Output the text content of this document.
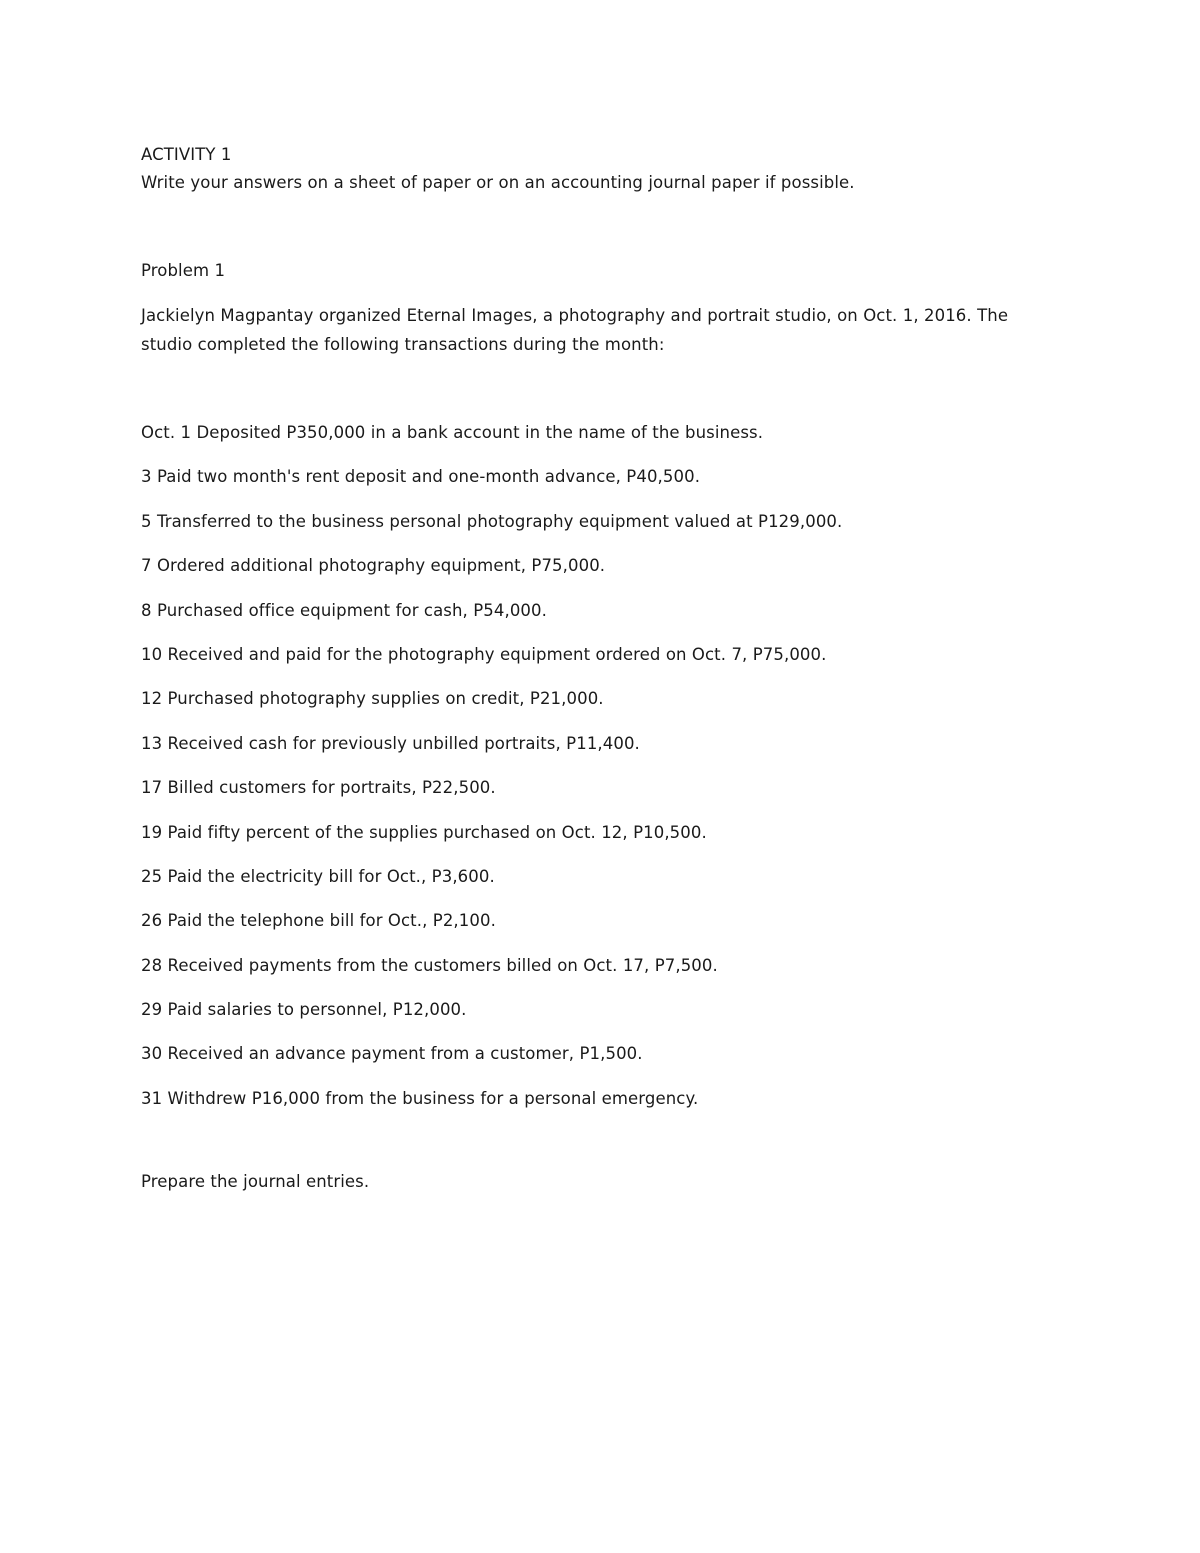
ACTIVITY 1
Write your answers on a sheet of paper or on an accounting journal paper if possible.
Problem 1
Jackielyn Magpantay organized Eternal Images, a photography and portrait studio, on Oct. 1, 2016. The
studio completed the following transactions during the month:
Oct. 1 Deposited P350,000 in a bank account in the name of the business.
3 Paid two month's rent deposit and one-month advance, P40,500.
5 Transferred to the business personal photography equipment valued at P129,000.
7 Ordered additional photography equipment, P75,000.
8 Purchased office equipment for cash, P54,000.
10 Received and paid for the photography equipment ordered on Oct. 7, P75,000.
12 Purchased photography supplies on credit, P21,000.
13 Received cash for previously unbilled portraits, P11,400.
17 Billed customers for portraits, P22,500.
19 Paid fifty percent of the supplies purchased on Oct. 12, P10,500.
25 Paid the electricity bill for Oct., P3,600.
26 Paid the telephone bill for Oct., P2,100.
28 Received payments from the customers billed on Oct. 17, P7,500.
29 Paid salaries to personnel, P12,000.
30 Received an advance payment from a customer, P1,500.
31 Withdrew P16,000 from the business for a personal emergency.
Prepare the journal entries.
